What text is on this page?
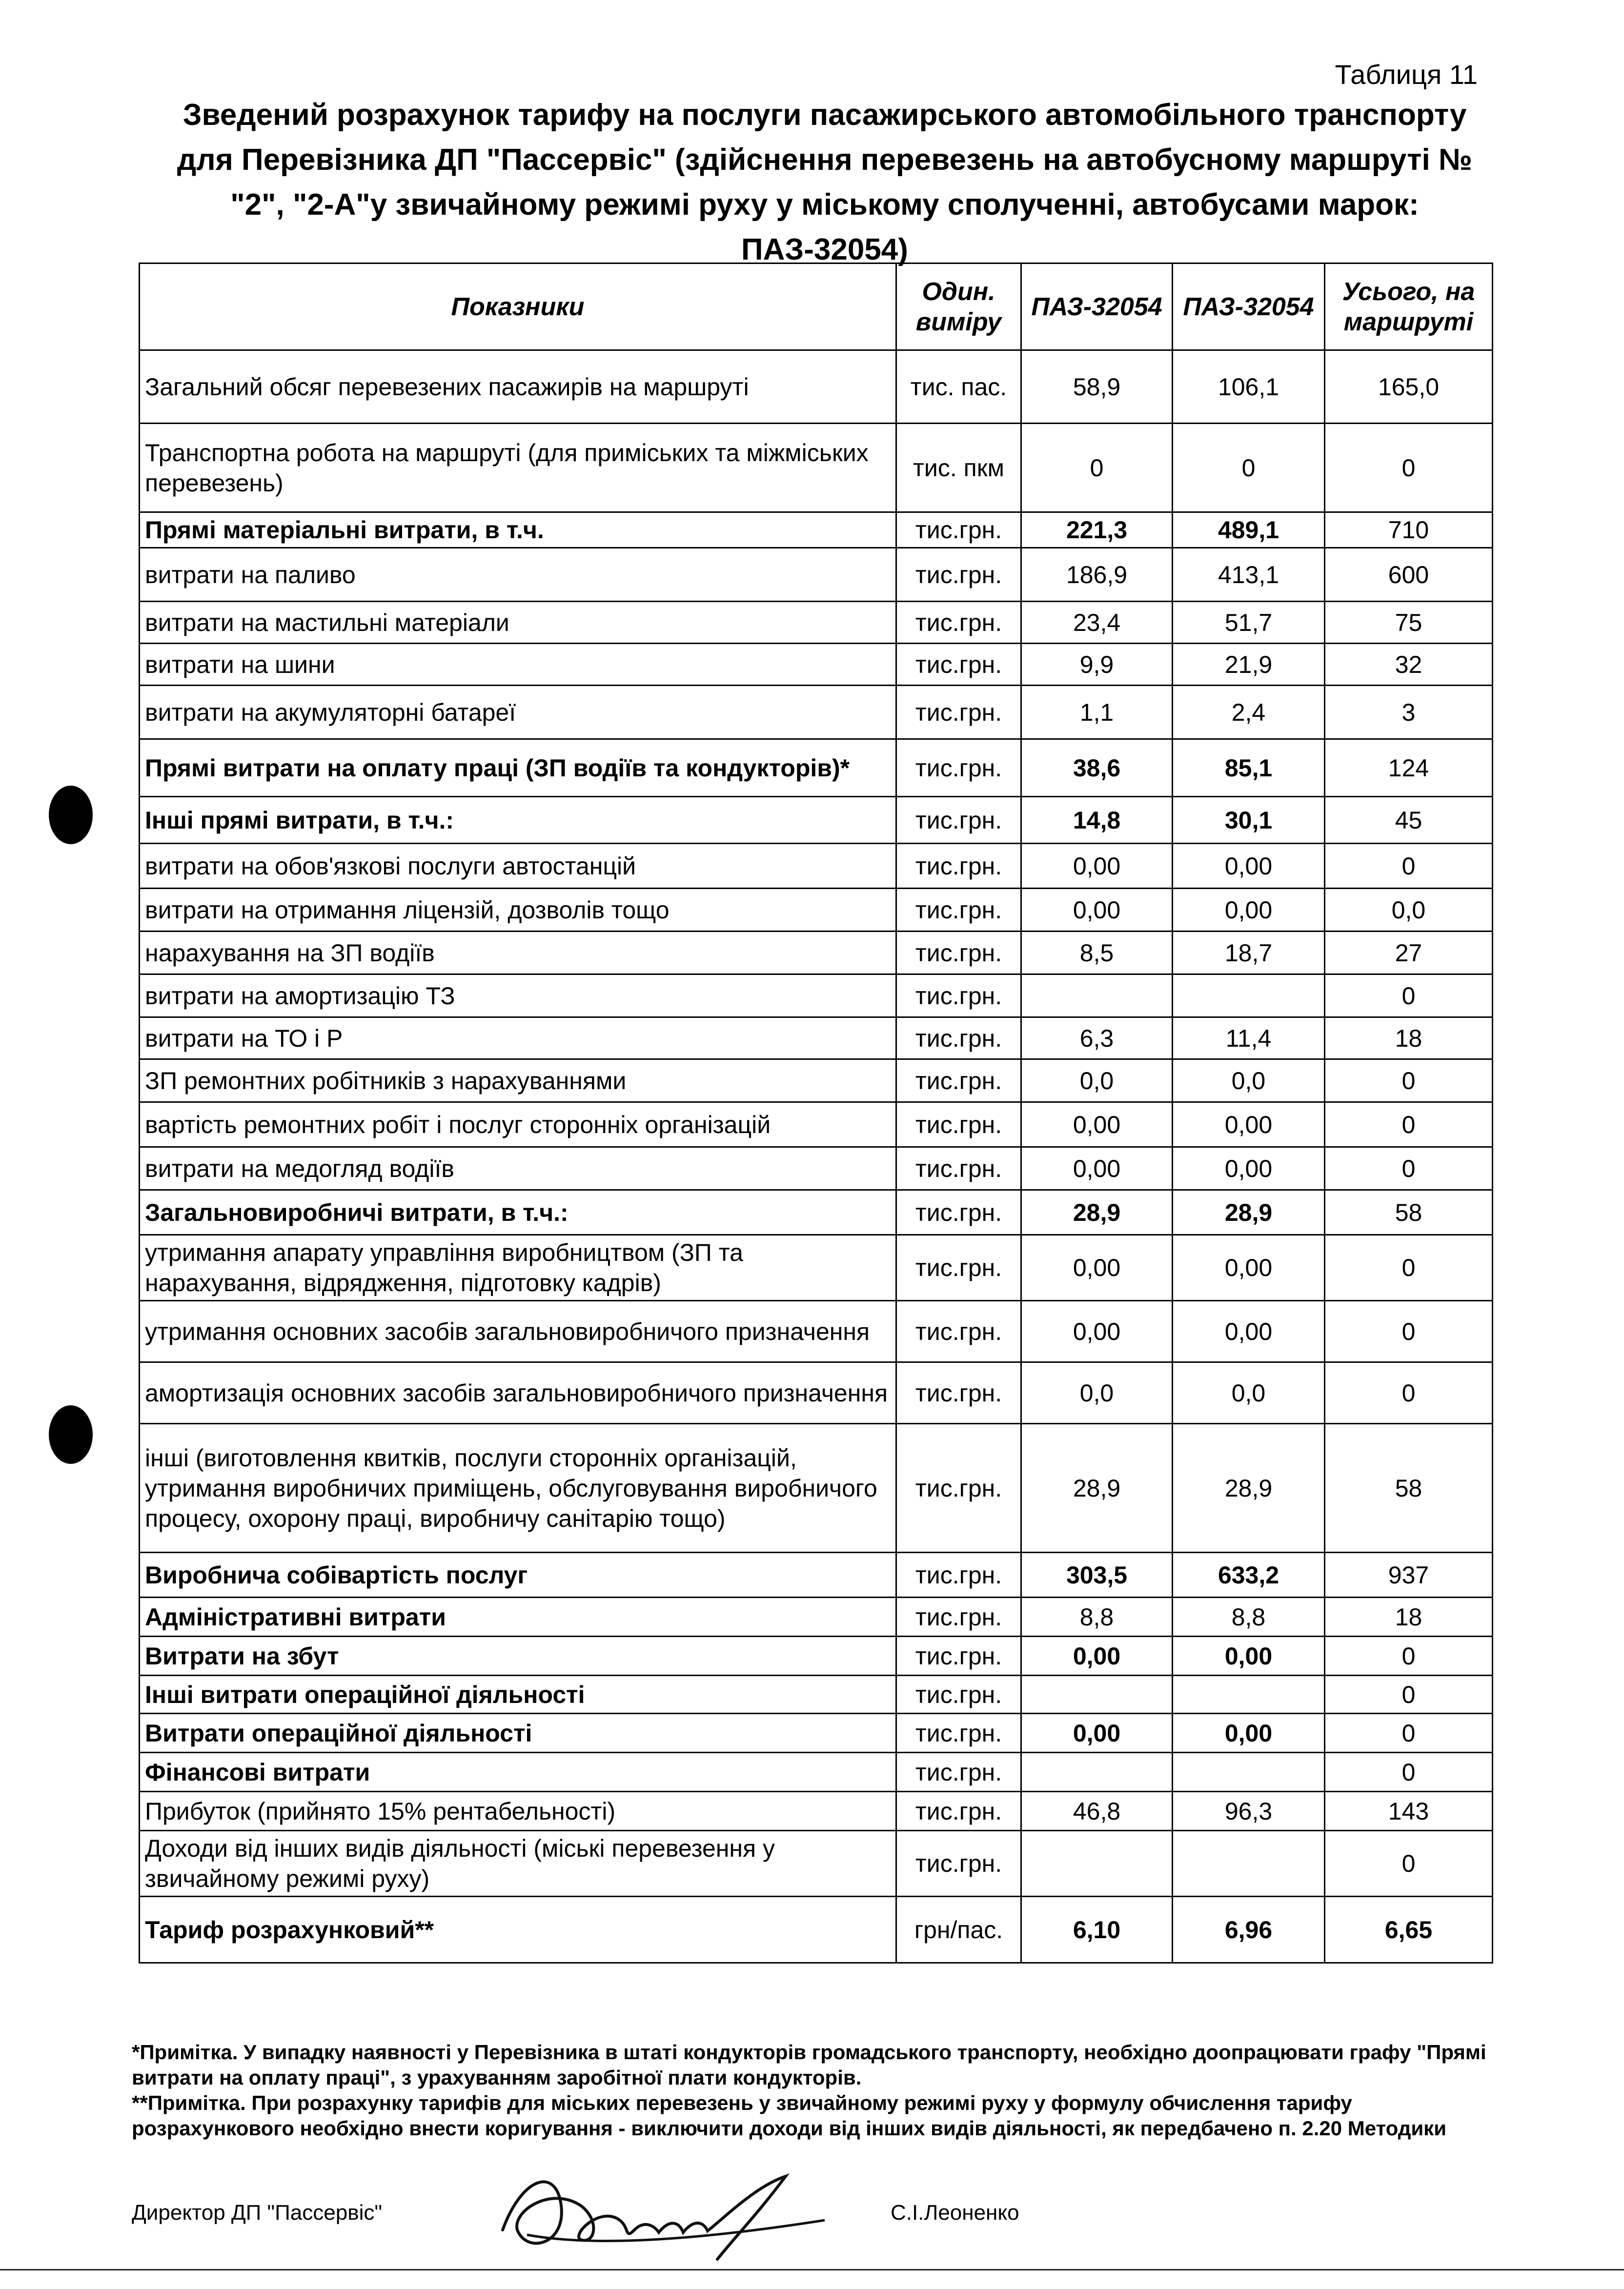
Таблиця 11
Зведений розрахунок тарифу на послуги пасажирського автомобільного транспорту для Перевізника ДП "Пассервіс" (здійснення перевезень на автобусному маршруті № "2", "2-А"у звичайному режимі руху у міському сполученні, автобусами марок: ПАЗ-32054)
Показники	Один. виміру	ПАЗ-32054	ПАЗ-32054	Усього, на маршруті
Загальний обсяг перевезених пасажирів на маршруті	тис. пас.	58,9	106,1	165,0
Транспортна робота на маршруті (для приміських та міжміських перевезень)	тис. пкм	0	0	0
Прямі матеріальні витрати, в т.ч.	тис.грн.	221,3	489,1	710
витрати на паливо	тис.грн.	186,9	413,1	600
витрати на мастильні матеріали	тис.грн.	23,4	51,7	75
витрати на шини	тис.грн.	9,9	21,9	32
витрати на акумуляторні батареї	тис.грн.	1,1	2,4	3
Прямі витрати на оплату праці (ЗП водіїв та кондукторів)*	тис.грн.	38,6	85,1	124
Інші прямі витрати, в т.ч.:	тис.грн.	14,8	30,1	45
витрати на обов'язкові послуги автостанцій	тис.грн.	0,00	0,00	0
витрати на отримання ліцензій, дозволів тощо	тис.грн.	0,00	0,00	0,0
нарахування на ЗП водіїв	тис.грн.	8,5	18,7	27
витрати на амортизацію ТЗ	тис.грн.			0
витрати на ТО і Р	тис.грн.	6,3	11,4	18
ЗП ремонтних робітників з нарахуваннями	тис.грн.	0,0	0,0	0
вартість ремонтних робіт і послуг сторонніх організацій	тис.грн.	0,00	0,00	0
витрати на медогляд водіїв	тис.грн.	0,00	0,00	0
Загальновиробничі витрати, в т.ч.:	тис.грн.	28,9	28,9	58
утримання апарату управління виробництвом (ЗП та нарахування, відрядження, підготовку кадрів)	тис.грн.	0,00	0,00	0
утримання основних засобів загальновиробничого призначення	тис.грн.	0,00	0,00	0
амортизація основних засобів загальновиробничого призначення	тис.грн.	0,0	0,0	0
інші (виготовлення квитків, послуги сторонніх організацій, утримання виробничих приміщень, обслуговування виробничого процесу, охорону праці, виробничу санітарію тощо)	тис.грн.	28,9	28,9	58
Виробнича собівартість послуг	тис.грн.	303,5	633,2	937
Адміністративні витрати	тис.грн.	8,8	8,8	18
Витрати на збут	тис.грн.	0,00	0,00	0
Інші витрати операційної діяльності	тис.грн.			0
Витрати операційної діяльності	тис.грн.	0,00	0,00	0
Фінансові витрати	тис.грн.			0
Прибуток (прийнято 15% рентабельності)	тис.грн.	46,8	96,3	143
Доходи від інших видів діяльності (міські перевезення у звичайному режимі руху)	тис.грн.			0
Тариф розрахунковий**	грн/пас.	6,10	6,96	6,65

*Примітка. У випадку наявності у Перевізника в штаті кондукторів громадського транспорту, необхідно доопрацювати графу "Прямі витрати на оплату праці", з урахуванням заробітної плати кондукторів.

**Примітка. При розрахунку тарифів для міських перевезень у звичайному режимі руху у формулу обчислення тарифу розрахункового необхідно внести коригування - виключити доходи від інших видів діяльності, як передбачено п. 2.20 Методики

Директор ДП "Пассервіс"	С.І.Леоненко
